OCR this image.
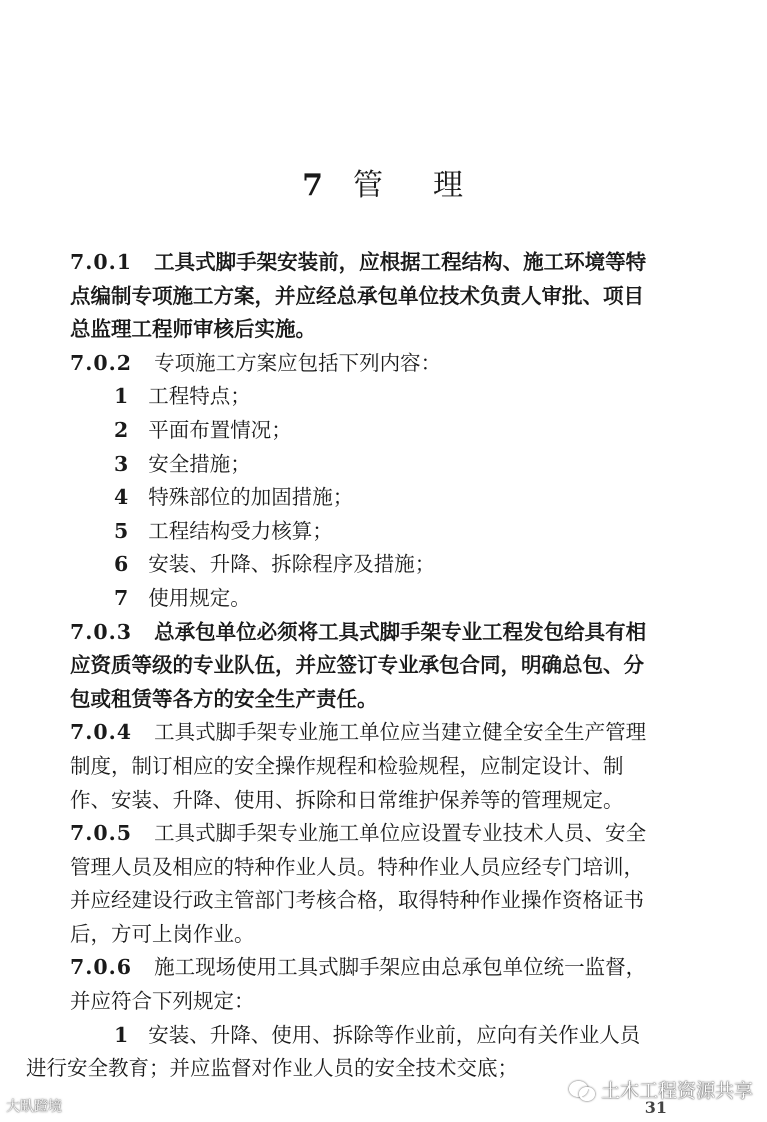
7 管 理

7.0.1 工具式脚手架安装前，应根据工程结构、施工环境等特
点编制专项施工方案，并应经总承包单位技术负责人审批、项目
总监理工程师审核后实施。

7.0.2 专项施工方案应包括下列内容：

1 工程特点；

2 平面布置情况；

3 安全措施；

4 特殊部位的加固措施；

5 工程结构受力核算；

6 安装、升降、拆除程序及措施；

7 使用规定。

7.0.3 总承包单位必须将工具式脚手架专业工程发包给具有相
应资质等级的专业队伍，并应签订专业承包合同，明确总包、分
包或租赁等各方的安全生产责任。

7.0.4 工具式脚手架专业施工单位应当建立健全安全生产管理
制度，制订相应的安全操作规程和检验规程，应制定设计、制
作、安装、升降、使用、拆除和日常维护保养等的管理规定。

7.0.5 工具式脚手架专业施工单位应设置专业技术人员、安全
管理人员及相应的特种作业人员。特种作业人员应经专门培训，
并应经建设行政主管部门考核合格，取得特种作业操作资格证书
后，方可上岗作业。

7.0.6 施工现场使用工具式脚手架应由总承包单位统一监督，
并应符合下列规定：

1 安装、升降、使用、拆除等作业前，应向有关作业人员
进行安全教育；并应监督对作业人员的安全技术交底；

31
大臥蹬境
土木工程资源共享
